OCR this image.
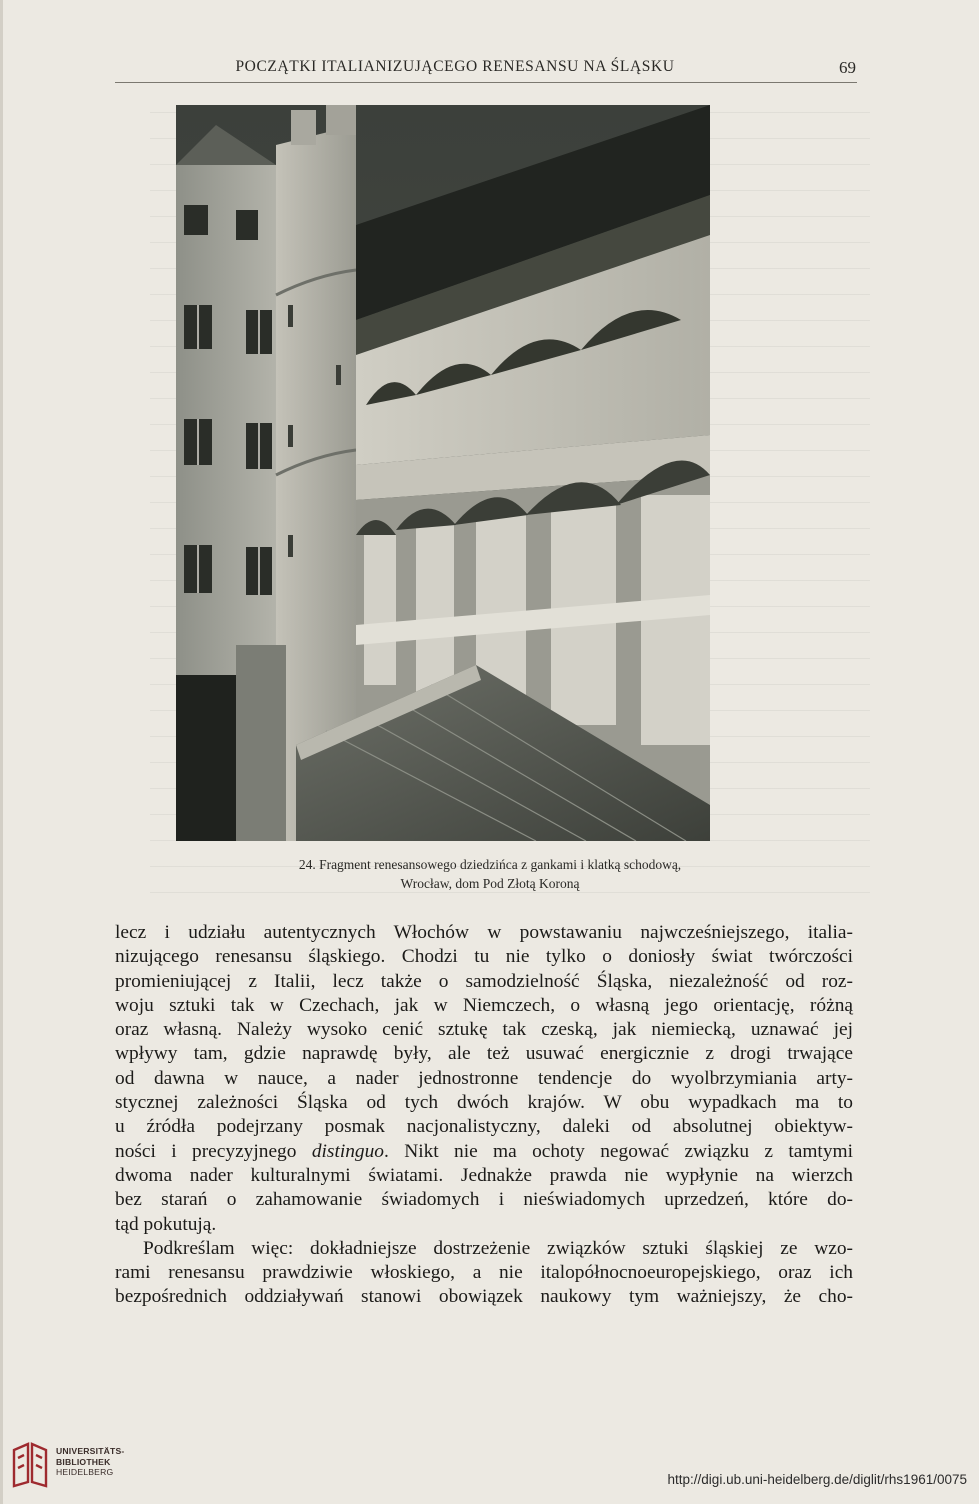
POCZĄTKI ITALIANIZUJĄCEGO RENESANSU NA ŚLĄSKU	69
24. Fragment renesansowego dziedzińca z gankami i klatką schodową,
Wrocław, dom Pod Złotą Koroną
lecz i udziału autentycznych Włochów w powstawaniu najwcześniejszego, italia-
nizującego renesansu śląskiego. Chodzi tu nie tylko o doniosły świat twórczości
promieniującej z Italii, lecz także o samodzielność Śląska, niezależność od roz-
woju sztuki tak w Czechach, jak w Niemczech, o własną jego orientację, różną
oraz własną. Należy wysoko cenić sztukę tak czeską, jak niemiecką, uznawać jej
wpływy tam, gdzie naprawdę były, ale też usuwać energicznie z drogi trwające
od dawna w nauce, a nader jednostronne tendencje do wyolbrzymiania arty-
stycznej zależności Śląska od tych dwóch krajów. W obu wypadkach ma to
u źródła podejrzany posmak nacjonalistyczny, daleki od absolutnej obiektyw-
ności i precyzyjnego distinguo. Nikt nie ma ochoty negować związku z tamtymi
dwoma nader kulturalnymi światami. Jednakże prawda nie wypłynie na wierzch
bez starań o zahamowanie świadomych i nieświadomych uprzedzeń, które do-
tąd pokutują.
Podkreślam więc: dokładniejsze dostrzeżenie związków sztuki śląskiej ze wzo-
rami renesansu prawdziwie włoskiego, a nie italopółnocnoeuropejskiego, oraz ich
bezpośrednich oddziaływań stanowi obowiązek naukowy tym ważniejszy, że cho-
UNIVERSITÄTS-
BIBLIOTHEK
HEIDELBERG	http://digi.ub.uni-heidelberg.de/diglit/rhs1961/0075
